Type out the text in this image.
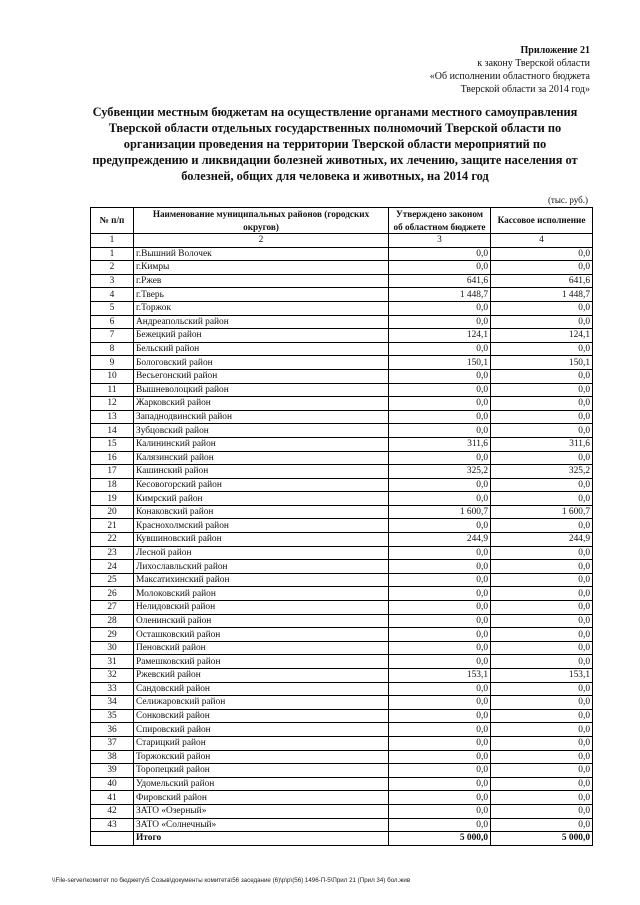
Приложение 21
к закону Тверской области
«Об исполнении областного бюджета
Тверской области за 2014 год»
Субвенции местным бюджетам на осуществление органами местного самоуправления Тверской области отдельных государственных полномочий Тверской области по организации проведения на территории Тверской области мероприятий по предупреждению и ликвидации болезней животных, их лечению, защите населения от болезней, общих для человека и животных, на 2014 год
(тыс. руб.)
№ п/п	Наименование муниципальных районов (городских округов)	Утверждено законом об областном бюджете	Кассовое исполнение
1	2	3	4
1	г.Вышний Волочек	0,0	0,0
2	г.Кимры	0,0	0,0
3	г.Ржев	641,6	641,6
4	г.Тверь	1 448,7	1 448,7
5	г.Торжок	0,0	0,0
6	Андреапольский район	0,0	0,0
7	Бежецкий район	124,1	124,1
8	Бельский район	0,0	0,0
9	Бологовский район	150,1	150,1
10	Весьегонский район	0,0	0,0
11	Вышневолоцкий район	0,0	0,0
12	Жарковский район	0,0	0,0
13	Западнодвинский район	0,0	0,0
14	Зубцовский район	0,0	0,0
15	Калининский район	311,6	311,6
16	Калязинский район	0,0	0,0
17	Кашинский район	325,2	325,2
18	Кесовогорский район	0,0	0,0
19	Кимрский район	0,0	0,0
20	Конаковский район	1 600,7	1 600,7
21	Краснохолмский район	0,0	0,0
22	Кувшиновский район	244,9	244,9
23	Лесной район	0,0	0,0
24	Лихославльский район	0,0	0,0
25	Максатихинский район	0,0	0,0
26	Молоковский район	0,0	0,0
27	Нелидовский район	0,0	0,0
28	Оленинский район	0,0	0,0
29	Осташковский район	0,0	0,0
30	Пеновский район	0,0	0,0
31	Рамешковский район	0,0	0,0
32	Ржевский район	153,1	153,1
33	Сандовский район	0,0	0,0
34	Селижаровский район	0,0	0,0
35	Сонковский район	0,0	0,0
36	Спировский район	0,0	0,0
37	Старицкий район	0,0	0,0
38	Торжокский район	0,0	0,0
39	Торопецкий район	0,0	0,0
40	Удомельский район	0,0	0,0
41	Фировский район	0,0	0,0
42	ЗАТО «Озерный»	0,0	0,0
43	ЗАТО «Солнечный»	0,0	0,0
	Итого	5 000,0	5 000,0
\\File-server\комитет по бюджету\5 Созыв\документы комитета\56 заседание (6)\p\p\(56) 1496-П-5\Прил 21 (Прил 34) бол.жив
